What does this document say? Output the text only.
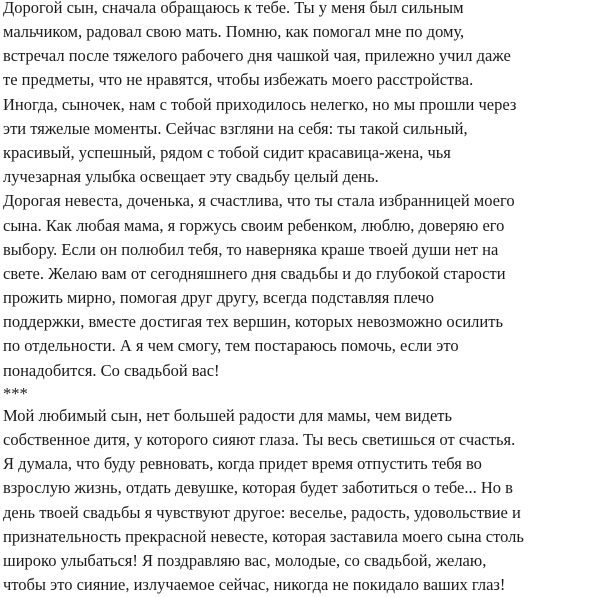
Дорогой сын, сначала обращаюсь к тебе. Ты у меня был сильным
мальчиком, радовал свою мать. Помню, как помогал мне по дому,
встречал после тяжелого рабочего дня чашкой чая, прилежно учил даже
те предметы, что не нравятся, чтобы избежать моего расстройства.
Иногда, сыночек, нам с тобой приходилось нелегко, но мы прошли через
эти тяжелые моменты. Сейчас взгляни на себя: ты такой сильный,
красивый, успешный, рядом с тобой сидит красавица-жена, чья
лучезарная улыбка освещает эту свадьбу целый день.
Дорогая невеста, доченька, я счастлива, что ты стала избранницей моего
сына. Как любая мама, я горжусь своим ребенком, люблю, доверяю его
выбору. Если он полюбил тебя, то наверняка краше твоей души нет на
свете. Желаю вам от сегодняшнего дня свадьбы и до глубокой старости
прожить мирно, помогая друг другу, всегда подставляя плечо
поддержки, вместе достигая тех вершин, которых невозможно осилить
по отдельности. А я чем смогу, тем постараюсь помочь, если это
понадобится. Со свадьбой вас!
***
Мой любимый сын, нет большей радости для мамы, чем видеть
собственное дитя, у которого сияют глаза. Ты весь светишься от счастья.
Я думала, что буду ревновать, когда придет время отпустить тебя во
взрослую жизнь, отдать девушке, которая будет заботиться о тебе... Но в
день твоей свадьбы я чувствуют другое: веселье, радость, удовольствие и
признательность прекрасной невесте, которая заставила моего сына столь
широко улыбаться! Я поздравляю вас, молодые, со свадьбой, желаю,
чтобы это сияние, излучаемое сейчас, никогда не покидало ваших глаз!
